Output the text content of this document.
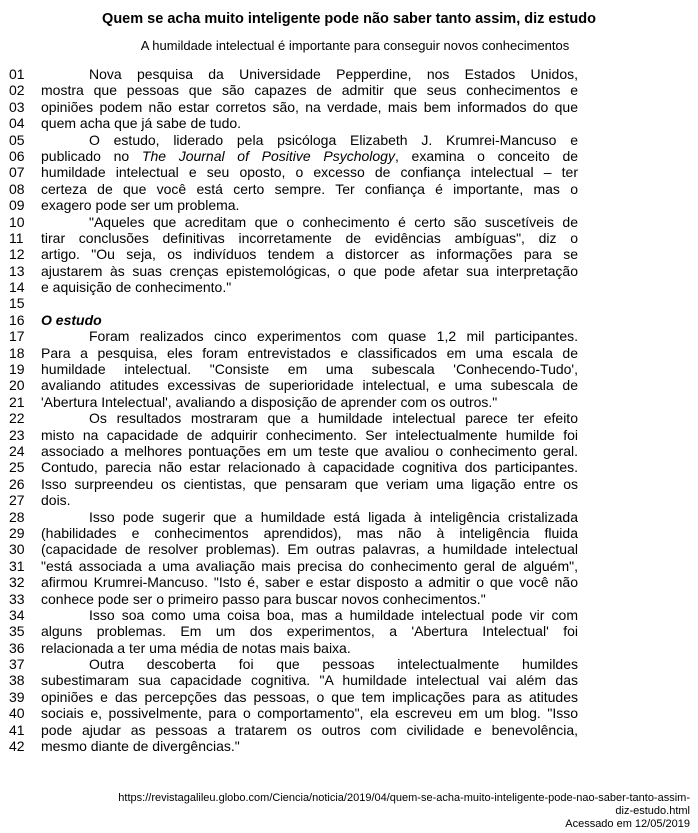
Quem se acha muito inteligente pode não saber tanto assim, diz estudo
A humildade intelectual é importante para conseguir novos conhecimentos
01	Nova pesquisa da Universidade Pepperdine, nos Estados Unidos,
02	mostra que pessoas que são capazes de admitir que seus conhecimentos e
03	opiniões podem não estar corretos são, na verdade, mais bem informados do que
04	quem acha que já sabe de tudo.
05	O estudo, liderado pela psicóloga Elizabeth J. Krumrei-Mancuso e
06	publicado no The Journal of Positive Psychology, examina o conceito de
07	humildade intelectual e seu oposto, o excesso de confiança intelectual – ter
08	certeza de que você está certo sempre. Ter confiança é importante, mas o
09	exagero pode ser um problema.
10	"Aqueles que acreditam que o conhecimento é certo são suscetíveis de
11	tirar conclusões definitivas incorretamente de evidências ambíguas", diz o
12	artigo. "Ou seja, os indivíduos tendem a distorcer as informações para se
13	ajustarem às suas crenças epistemológicas, o que pode afetar sua interpretação
14	e aquisição de conhecimento."
15
16	O estudo
17	Foram realizados cinco experimentos com quase 1,2 mil participantes.
18	Para a pesquisa, eles foram entrevistados e classificados em uma escala de
19	humildade intelectual. "Consiste em uma subescala 'Conhecendo-Tudo',
20	avaliando atitudes excessivas de superioridade intelectual, e uma subescala de
21	'Abertura Intelectual', avaliando a disposição de aprender com os outros."
22	Os resultados mostraram que a humildade intelectual parece ter efeito
23	misto na capacidade de adquirir conhecimento. Ser intelectualmente humilde foi
24	associado a melhores pontuações em um teste que avaliou o conhecimento geral.
25	Contudo, parecia não estar relacionado à capacidade cognitiva dos participantes.
26	Isso surpreendeu os cientistas, que pensaram que veriam uma ligação entre os
27	dois.
28	Isso pode sugerir que a humildade está ligada à inteligência cristalizada
29	(habilidades e conhecimentos aprendidos), mas não à inteligência fluida
30	(capacidade de resolver problemas). Em outras palavras, a humildade intelectual
31	"está associada a uma avaliação mais precisa do conhecimento geral de alguém",
32	afirmou Krumrei-Mancuso. "Isto é, saber e estar disposto a admitir o que você não
33	conhece pode ser o primeiro passo para buscar novos conhecimentos."
34	Isso soa como uma coisa boa, mas a humildade intelectual pode vir com
35	alguns problemas. Em um dos experimentos, a 'Abertura Intelectual' foi
36	relacionada a ter uma média de notas mais baixa.
37	Outra descoberta foi que pessoas intelectualmente humildes
38	subestimaram sua capacidade cognitiva. "A humildade intelectual vai além das
39	opiniões e das percepções das pessoas, o que tem implicações para as atitudes
40	sociais e, possivelmente, para o comportamento", ela escreveu em um blog. "Isso
41	pode ajudar as pessoas a tratarem os outros com civilidade e benevolência,
42	mesmo diante de divergências."
https://revistagalileu.globo.com/Ciencia/noticia/2019/04/quem-se-acha-muito-inteligente-pode-nao-saber-tanto-assim-
diz-estudo.html
Acessado em 12/05/2019
